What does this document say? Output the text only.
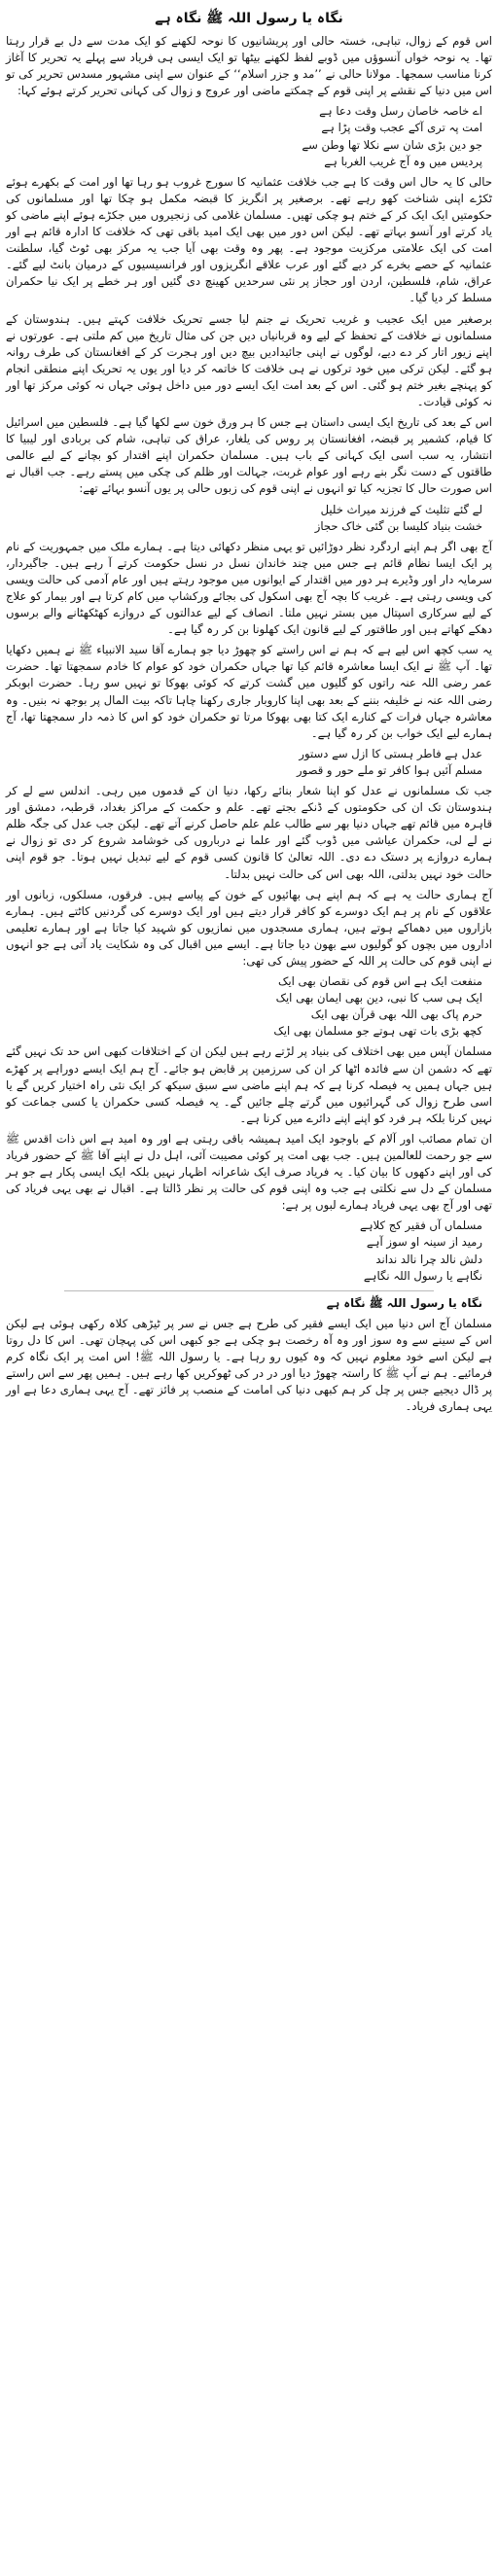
نگاہ یا رسول اللہ ﷺ نگاہ ہے

اس قوم کے زوال، تباہی، خستہ حالی اور پریشانیوں کا نوحہ لکھنے کو ایک مدت سے دل بے قرار رہتا تھا۔ یہ نوحہ خواں آنسوؤں میں ڈوبے لفظ لکھنے بیٹھا تو ایک ایسی ہی فریاد سے پہلے یہ تحریر کا آغاز کرنا مناسب سمجھا۔ مولانا حالی نے ’’مد و جزر اسلام‘‘ کے عنوان سے اپنی مشہور مسدس تحریر کی تو اس میں دنیا کے نقشے پر اپنی قوم کے چمکتے ماضی اور عروج و زوال کی کہانی تحریر کرتے ہوئے کہا:

اے خاصہ خاصان رسل وقت دعا ہے
امت پہ تری آکے عجب وقت پڑا ہے
جو دین بڑی شان سے نکلا تھا وطن سے
پردیس میں وہ آج غریب الغربا ہے

حالی کا یہ حال اس وقت کا ہے جب خلافت عثمانیہ کا سورج غروب ہو رہا تھا اور امت کے بکھرے ہوئے ٹکڑے اپنی شناخت کھو رہے تھے۔ برصغیر پر انگریز کا قبضہ مکمل ہو چکا تھا اور مسلمانوں کی حکومتیں ایک ایک کر کے ختم ہو چکی تھیں۔ مسلمان غلامی کی زنجیروں میں جکڑے ہوئے اپنے ماضی کو یاد کرتے اور آنسو بہاتے تھے۔ لیکن اس دور میں بھی ایک امید باقی تھی کہ خلافت کا ادارہ قائم ہے اور امت کی ایک علامتی مرکزیت موجود ہے۔ پھر وہ وقت بھی آیا جب یہ مرکز بھی ٹوٹ گیا، سلطنت عثمانیہ کے حصے بخرے کر دیے گئے اور عرب علاقے انگریزوں اور فرانسیسیوں کے درمیان بانٹ لیے گئے۔ عراق، شام، فلسطین، اردن اور حجاز پر نئی سرحدیں کھینچ دی گئیں اور ہر خطے پر ایک نیا حکمران مسلط کر دیا گیا۔

برصغیر میں ایک عجیب و غریب تحریک نے جنم لیا جسے تحریک خلافت کہتے ہیں۔ ہندوستان کے مسلمانوں نے خلافت کے تحفظ کے لیے وہ قربانیاں دیں جن کی مثال تاریخ میں کم ملتی ہے۔ عورتوں نے اپنے زیور اتار کر دے دیے، لوگوں نے اپنی جائیدادیں بیچ دیں اور ہجرت کر کے افغانستان کی طرف روانہ ہو گئے۔ لیکن ترکی میں خود ترکوں نے ہی خلافت کا خاتمہ کر دیا اور یوں یہ تحریک اپنے منطقی انجام کو پہنچے بغیر ختم ہو گئی۔ اس کے بعد امت ایک ایسے دور میں داخل ہوئی جہاں نہ کوئی مرکز تھا اور نہ کوئی قیادت۔

اس کے بعد کی تاریخ ایک ایسی داستان ہے جس کا ہر ورق خون سے لکھا گیا ہے۔ فلسطین میں اسرائیل کا قیام، کشمیر پر قبضہ، افغانستان پر روس کی یلغار، عراق کی تباہی، شام کی بربادی اور لیبیا کا انتشار، یہ سب اسی ایک کہانی کے باب ہیں۔ مسلمان حکمران اپنے اقتدار کو بچانے کے لیے عالمی طاقتوں کے دست نگر بنے رہے اور عوام غربت، جہالت اور ظلم کی چکی میں پستے رہے۔ جب اقبال نے اس صورت حال کا تجزیہ کیا تو انہوں نے اپنی قوم کی زبوں حالی پر یوں آنسو بہائے تھے:

لے گئے تثلیث کے فرزند میراث خلیل
خشت بنیاد کلیسا بن گئی خاک حجاز

آج بھی اگر ہم اپنے اردگرد نظر دوڑائیں تو یہی منظر دکھائی دیتا ہے۔ ہمارے ملک میں جمہوریت کے نام پر ایک ایسا نظام قائم ہے جس میں چند خاندان نسل در نسل حکومت کرتے آ رہے ہیں۔ جاگیردار، سرمایہ دار اور وڈیرے ہر دور میں اقتدار کے ایوانوں میں موجود رہتے ہیں اور عام آدمی کی حالت ویسی کی ویسی رہتی ہے۔ غریب کا بچہ آج بھی اسکول کی بجائے ورکشاپ میں کام کرتا ہے اور بیمار کو علاج کے لیے سرکاری اسپتال میں بستر نہیں ملتا۔ انصاف کے لیے عدالتوں کے دروازے کھٹکھٹانے والے برسوں دھکے کھاتے ہیں اور طاقتور کے لیے قانون ایک کھلونا بن کر رہ گیا ہے۔

یہ سب کچھ اس لیے ہے کہ ہم نے اس راستے کو چھوڑ دیا جو ہمارے آقا سید الانبیاء ﷺ نے ہمیں دکھایا تھا۔ آپ ﷺ نے ایک ایسا معاشرہ قائم کیا تھا جہاں حکمران خود کو عوام کا خادم سمجھتا تھا۔ حضرت عمر رضی اللہ عنہ راتوں کو گلیوں میں گشت کرتے کہ کوئی بھوکا تو نہیں سو رہا۔ حضرت ابوبکر رضی اللہ عنہ نے خلیفہ بننے کے بعد بھی اپنا کاروبار جاری رکھنا چاہا تاکہ بیت المال پر بوجھ نہ بنیں۔ وہ معاشرہ جہاں فرات کے کنارے ایک کتا بھی بھوکا مرتا تو حکمران خود کو اس کا ذمہ دار سمجھتا تھا، آج ہمارے لیے ایک خواب بن کر رہ گیا ہے۔

عدل ہے فاطر ہستی کا ازل سے دستور
مسلم آئیں ہوا کافر تو ملے حور و قصور

جب تک مسلمانوں نے عدل کو اپنا شعار بنائے رکھا، دنیا ان کے قدموں میں رہی۔ اندلس سے لے کر ہندوستان تک ان کی حکومتوں کے ڈنکے بجتے تھے۔ علم و حکمت کے مراکز بغداد، قرطبہ، دمشق اور قاہرہ میں قائم تھے جہاں دنیا بھر سے طالب علم علم حاصل کرنے آتے تھے۔ لیکن جب عدل کی جگہ ظلم نے لے لی، حکمران عیاشی میں ڈوب گئے اور علما نے درباروں کی خوشامد شروع کر دی تو زوال نے ہمارے دروازے پر دستک دے دی۔ اللہ تعالیٰ کا قانون کسی قوم کے لیے تبدیل نہیں ہوتا۔ جو قوم اپنی حالت خود نہیں بدلتی، اللہ بھی اس کی حالت نہیں بدلتا۔

آج ہماری حالت یہ ہے کہ ہم اپنے ہی بھائیوں کے خون کے پیاسے ہیں۔ فرقوں، مسلکوں، زبانوں اور علاقوں کے نام پر ہم ایک دوسرے کو کافر قرار دیتے ہیں اور ایک دوسرے کی گردنیں کاٹتے ہیں۔ ہمارے بازاروں میں دھماکے ہوتے ہیں، ہماری مسجدوں میں نمازیوں کو شہید کیا جاتا ہے اور ہمارے تعلیمی اداروں میں بچوں کو گولیوں سے بھون دیا جاتا ہے۔ ایسے میں اقبال کی وہ شکایت یاد آتی ہے جو انہوں نے اپنی قوم کی حالت پر اللہ کے حضور پیش کی تھی:

منفعت ایک ہے اس قوم کی نقصان بھی ایک
ایک ہی سب کا نبی، دین بھی ایمان بھی ایک
حرم پاک بھی اللہ بھی قرآن بھی ایک
کچھ بڑی بات تھی ہوتے جو مسلمان بھی ایک

مسلمان آپس میں بھی اختلاف کی بنیاد پر لڑتے رہے ہیں لیکن ان کے اختلافات کبھی اس حد تک نہیں گئے تھے کہ دشمن ان سے فائدہ اٹھا کر ان کی سرزمین پر قابض ہو جائے۔ آج ہم ایک ایسے دوراہے پر کھڑے ہیں جہاں ہمیں یہ فیصلہ کرنا ہے کہ ہم اپنے ماضی سے سبق سیکھ کر ایک نئی راہ اختیار کریں گے یا اسی طرح زوال کی گہرائیوں میں گرتے چلے جائیں گے۔ یہ فیصلہ کسی حکمران یا کسی جماعت کو نہیں کرنا بلکہ ہر فرد کو اپنے اپنے دائرے میں کرنا ہے۔

ان تمام مصائب اور آلام کے باوجود ایک امید ہمیشہ باقی رہتی ہے اور وہ امید ہے اس ذات اقدس ﷺ سے جو رحمت للعالمین ہیں۔ جب بھی امت پر کوئی مصیبت آئی، اہل دل نے اپنے آقا ﷺ کے حضور فریاد کی اور اپنے دکھوں کا بیان کیا۔ یہ فریاد صرف ایک شاعرانہ اظہار نہیں بلکہ ایک ایسی پکار ہے جو ہر مسلمان کے دل سے نکلتی ہے جب وہ اپنی قوم کی حالت پر نظر ڈالتا ہے۔ اقبال نے بھی یہی فریاد کی تھی اور آج بھی یہی فریاد ہمارے لبوں پر ہے:

مسلماں آں فقیر کج کلاہے
رمید از سینہ او سوز آہے
دلش نالد چرا نالد نداند
نگاہے یا رسول اللہ نگاہے
نگاہ یا رسول اللہ ﷺ نگاہ ہے

مسلمان آج اس دنیا میں ایک ایسے فقیر کی طرح ہے جس نے سر پر ٹیڑھی کلاہ رکھی ہوئی ہے لیکن اس کے سینے سے وہ سوز اور وہ آہ رخصت ہو چکی ہے جو کبھی اس کی پہچان تھی۔ اس کا دل روتا ہے لیکن اسے خود معلوم نہیں کہ وہ کیوں رو رہا ہے۔ یا رسول اللہ ﷺ! اس امت پر ایک نگاہ کرم فرمائیے۔ ہم نے آپ ﷺ کا راستہ چھوڑ دیا اور در در کی ٹھوکریں کھا رہے ہیں۔ ہمیں پھر سے اس راستے پر ڈال دیجیے جس پر چل کر ہم کبھی دنیا کی امامت کے منصب پر فائز تھے۔ آج یہی ہماری دعا ہے اور یہی ہماری فریاد۔
